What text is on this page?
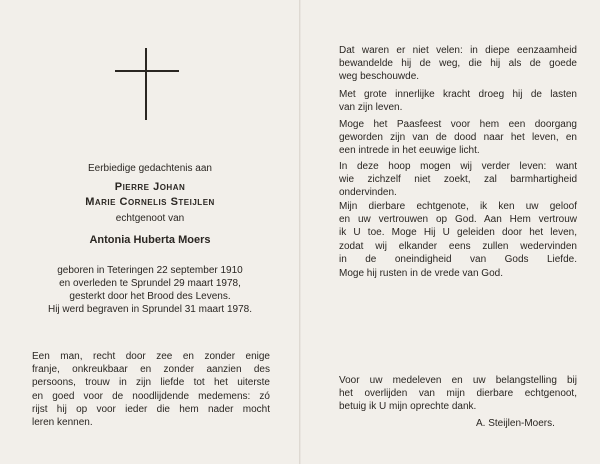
Eerbiedige gedachtenis aan
Pierre Johan
Marie Cornelis Steijlen
echtgenoot van
Antonia Huberta Moers
geboren in Teteringen 22 september 1910
en overleden te Sprundel 29 maart 1978,
gesterkt door het Brood des Levens.
Hij werd begraven in Sprundel 31 maart 1978.
Een man, recht door zee en zonder enige
franje, onkreukbaar en zonder aanzien des
persoons, trouw in zijn liefde tot het uiterste
en goed voor de noodlijdende medemens: zó
rijst hij op voor ieder die hem nader mocht
leren kennen.
Dat waren er niet velen: in diepe eenzaamheid
bewandelde hij de weg, die hij als de goede
weg beschouwde.
Met grote innerlijke kracht droeg hij de lasten
van zijn leven.
Moge het Paasfeest voor hem een doorgang
geworden zijn van de dood naar het leven, en
een intrede in het eeuwige licht.
In deze hoop mogen wij verder leven: want
wie zichzelf niet zoekt, zal barmhartigheid
ondervinden.
Mijn dierbare echtgenote, ik ken uw geloof
en uw vertrouwen op God. Aan Hem vertrouw
ik U toe. Moge Hij U geleiden door het leven,
zodat wij elkander eens zullen wedervinden
in de oneindigheid van Gods Liefde.
Moge hij rusten in de vrede van God.
Voor uw medeleven en uw belangstelling bij
het overlijden van mijn dierbare echtgenoot,
betuig ik U mijn oprechte dank.
A. Steijlen-Moers.
